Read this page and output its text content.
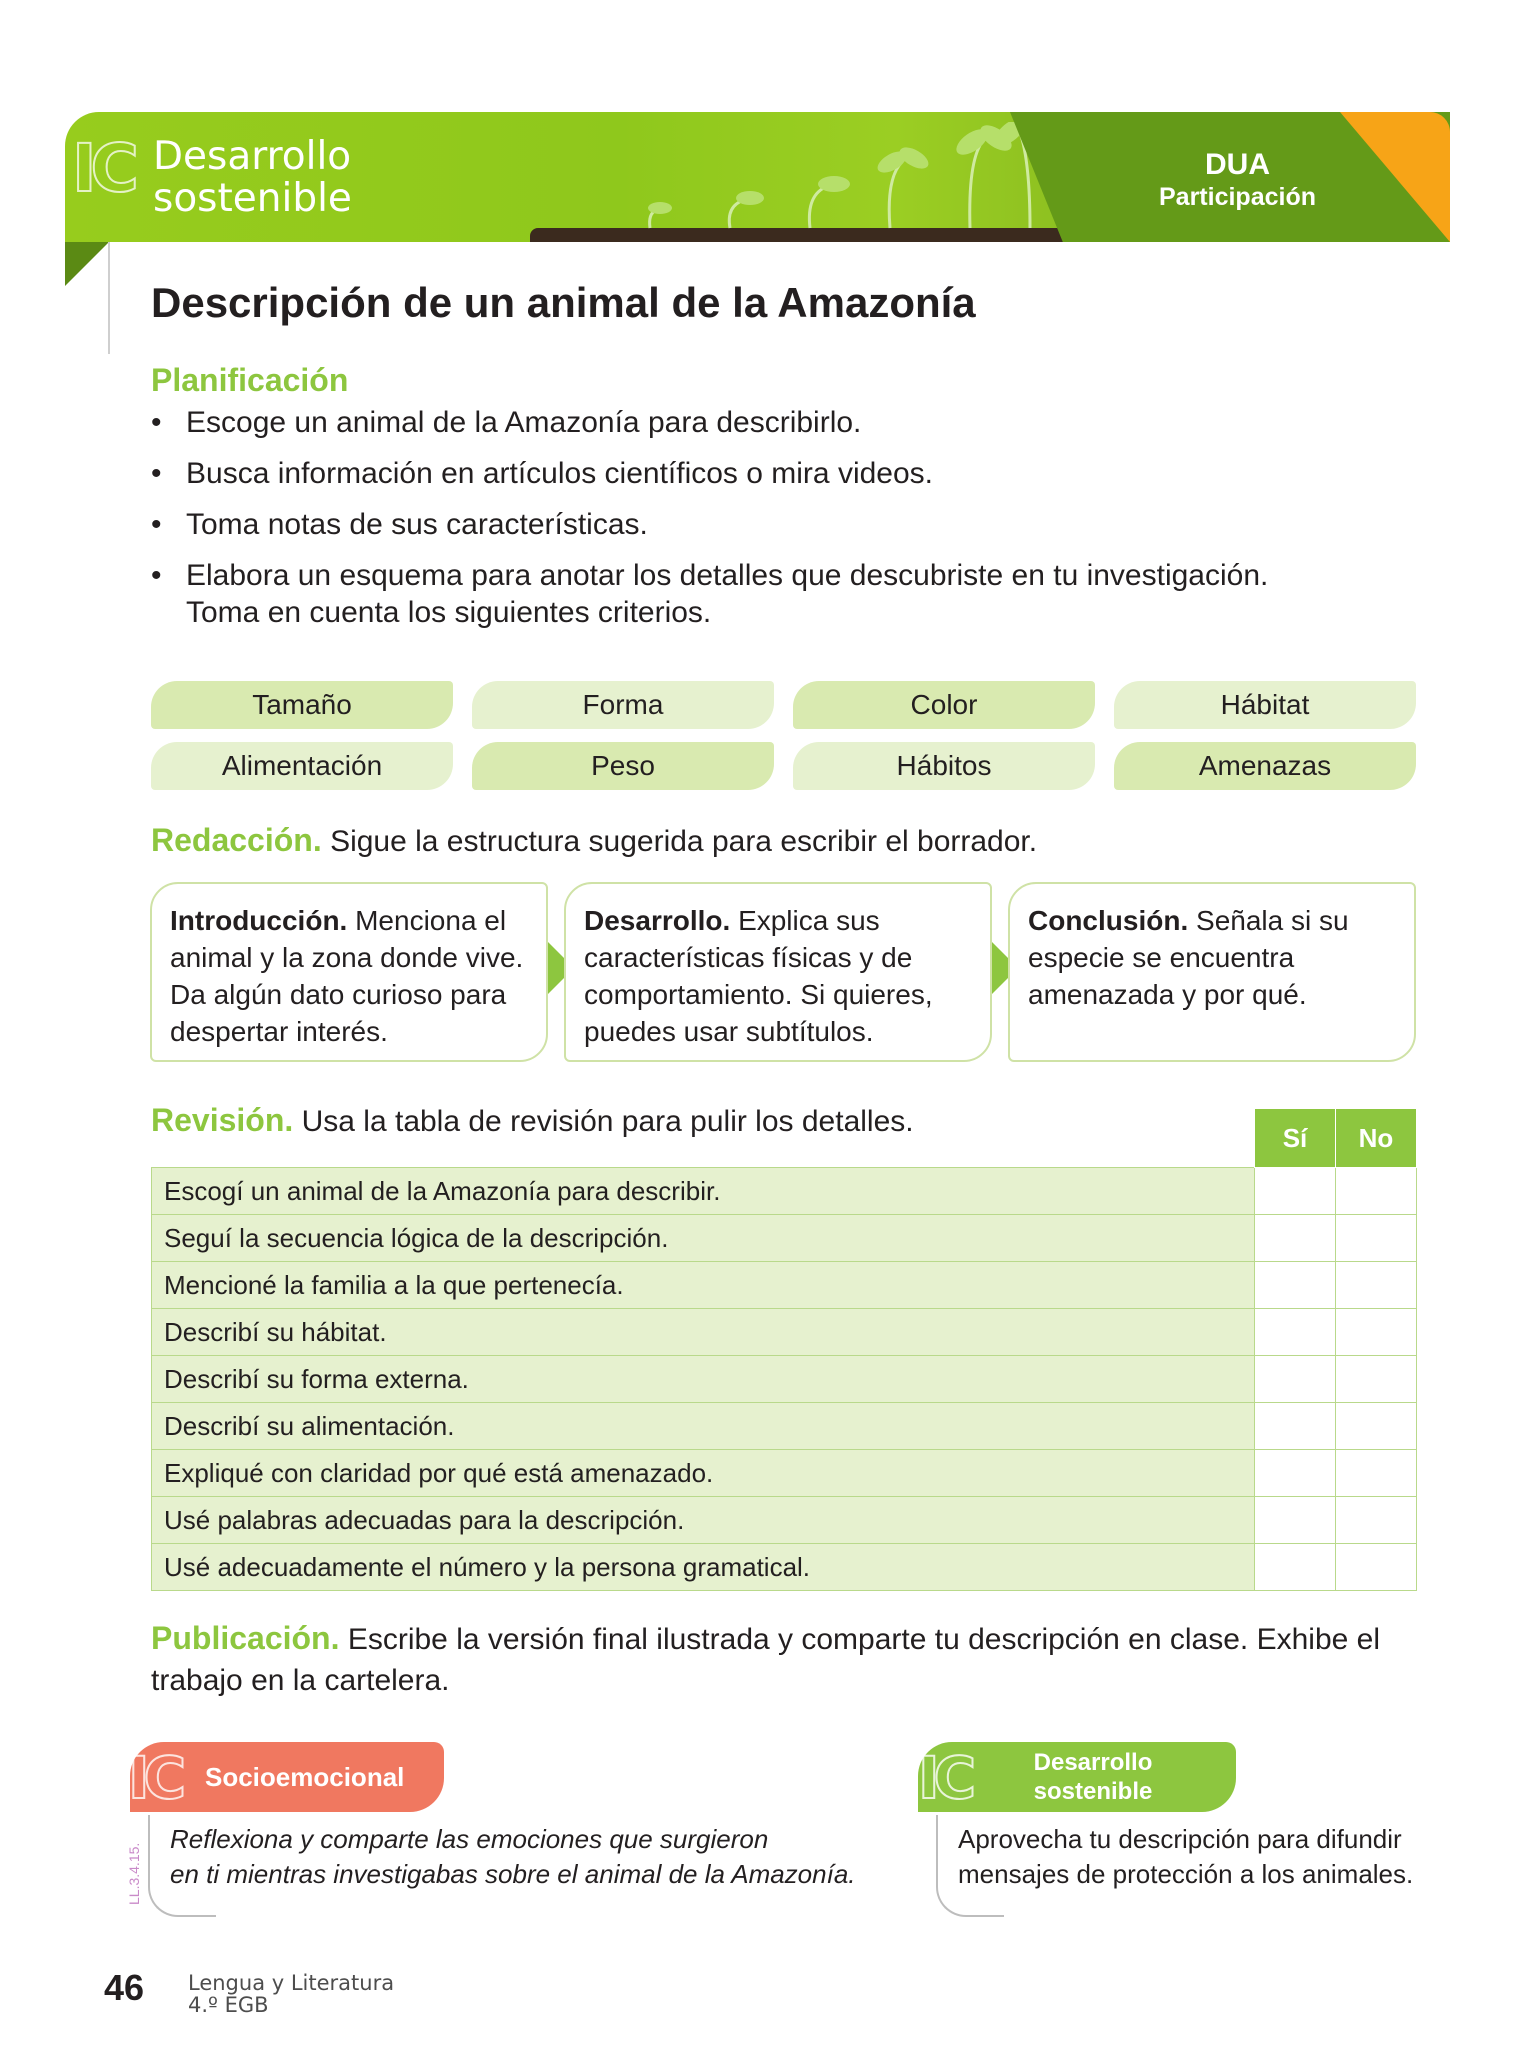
IC Desarrollo
sostenible
DUA
Participación
Descripción de un animal de la Amazonía
Planificación
• Escoge un animal de la Amazonía para describirlo.
• Busca información en artículos científicos o mira videos.
• Toma notas de sus características.
• Elabora un esquema para anotar los detalles que descubriste en tu investigación. Toma en cuenta los siguientes criterios.
Tamaño	Forma	Color	Hábitat
Alimentación	Peso	Hábitos	Amenazas
Redacción. Sigue la estructura sugerida para escribir el borrador.
Introducción. Menciona el animal y la zona donde vive. Da algún dato curioso para despertar interés.
Desarrollo. Explica sus características físicas y de comportamiento. Si quieres, puedes usar subtítulos.
Conclusión. Señala si su especie se encuentra amenazada y por qué.
Revisión. Usa la tabla de revisión para pulir los detalles.
		Sí	No
Escogí un animal de la Amazonía para describir.		
Seguí la secuencia lógica de la descripción.		
Mencioné la familia a la que pertenecía.		
Describí su hábitat.		
Describí su forma externa.		
Describí su alimentación.		
Expliqué con claridad por qué está amenazado.		
Usé palabras adecuadas para la descripción.		
Usé adecuadamente el número y la persona gramatical.		
Publicación. Escribe la versión final ilustrada y comparte tu descripción en clase. Exhibe el trabajo en la cartelera.
IC Socioemocional
LL.3.4.15.
Reflexiona y comparte las emociones que surgieron
en ti mientras investigabas sobre el animal de la Amazonía.
IC	Desarrollo
sostenible
Aprovecha tu descripción para difundir
mensajes de protección a los animales.
46 Lengua y Literatura
4.º EGB
